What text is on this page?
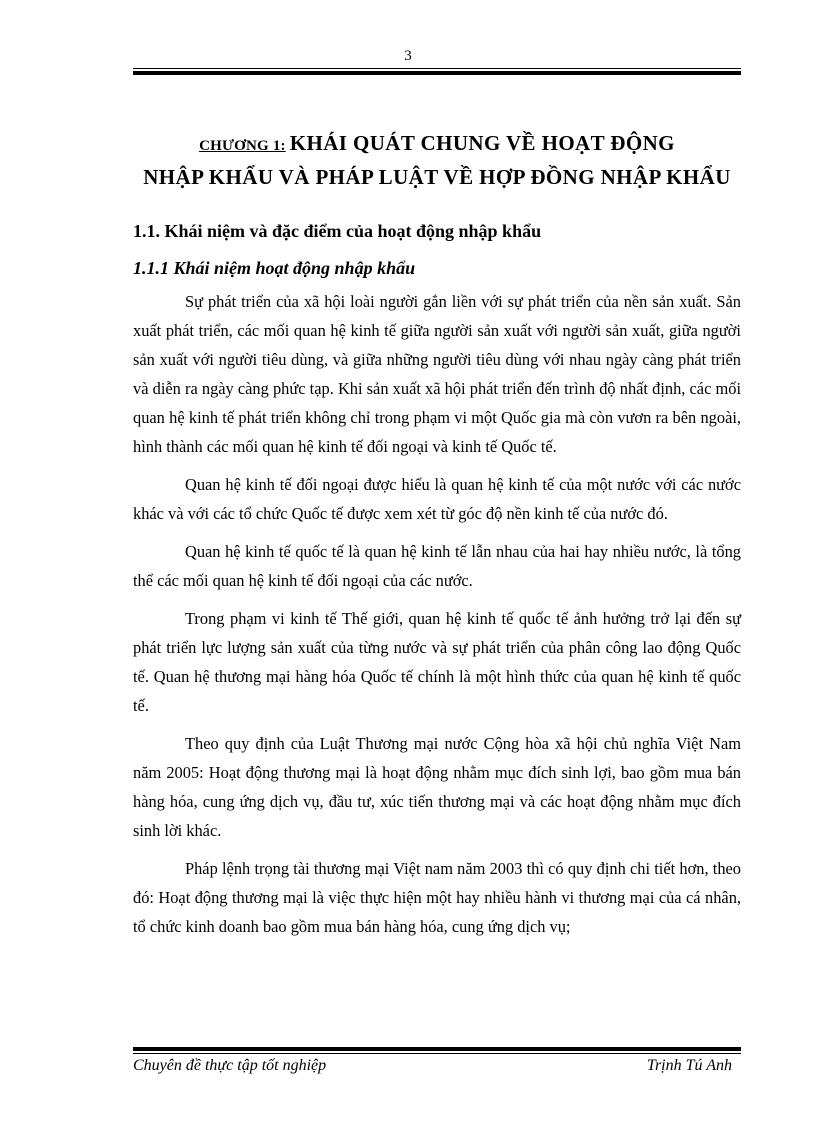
3
CHƯƠNG 1: KHÁI QUÁT CHUNG VỀ HOẠT ĐỘNG
NHẬP KHẨU VÀ PHÁP LUẬT VỀ HỢP ĐỒNG NHẬP KHẨU
1.1. Khái niệm và đặc điểm của hoạt động nhập khẩu
1.1.1 Khái niệm hoạt động nhập khẩu

Sự phát triển của xã hội loài người gắn liền với sự phát triển của nền sản xuất. Sản xuất phát triển, các mối quan hệ kinh tế giữa người sản xuất với người sản xuất, giữa người sản xuất với người tiêu dùng, và giữa những người tiêu dùng với nhau ngày càng phát triển và diễn ra ngày càng phức tạp. Khi sản xuất xã hội phát triển đến trình độ nhất định, các mối quan hệ kinh tế phát triển không chỉ trong phạm vi một Quốc gia mà còn vươn ra bên ngoài, hình thành các mối quan hệ kinh tế đối ngoại và kinh tế Quốc tế.

Quan hệ kinh tế đối ngoại được hiểu là quan hệ kinh tế của một nước với các nước khác và với các tổ chức Quốc tế được xem xét từ góc độ nền kinh tế của nước đó.

Quan hệ kinh tế quốc tế là quan hệ kinh tế lẫn nhau của hai hay nhiều nước, là tổng thể các mối quan hệ kinh tế đối ngoại của các nước.

Trong phạm vi kinh tế Thế giới, quan hệ kinh tế quốc tế ảnh hưởng trở lại đến sự phát triển lực lượng sản xuất của từng nước và sự phát triển của phân công lao động Quốc tế. Quan hệ thương mại hàng hóa Quốc tế chính là một hình thức của quan hệ kinh tế quốc tế.

Theo quy định của Luật Thương mại nước Cộng hòa xã hội chủ nghĩa Việt Nam năm 2005: Hoạt động thương mại là hoạt động nhằm mục đích sinh lợi, bao gồm mua bán hàng hóa, cung ứng dịch vụ, đầu tư, xúc tiến thương mại và các hoạt động nhằm mục đích sinh lời khác.

Pháp lệnh trọng tài thương mại Việt nam năm 2003 thì có quy định chi tiết hơn, theo đó: Hoạt động thương mại là việc thực hiện một hay nhiều hành vi thương mại của cá nhân, tổ chức kinh doanh bao gồm mua bán hàng hóa, cung ứng dịch vụ;

Chuyên đề thực tập tốt nghiệp	Trịnh Tú Anh
